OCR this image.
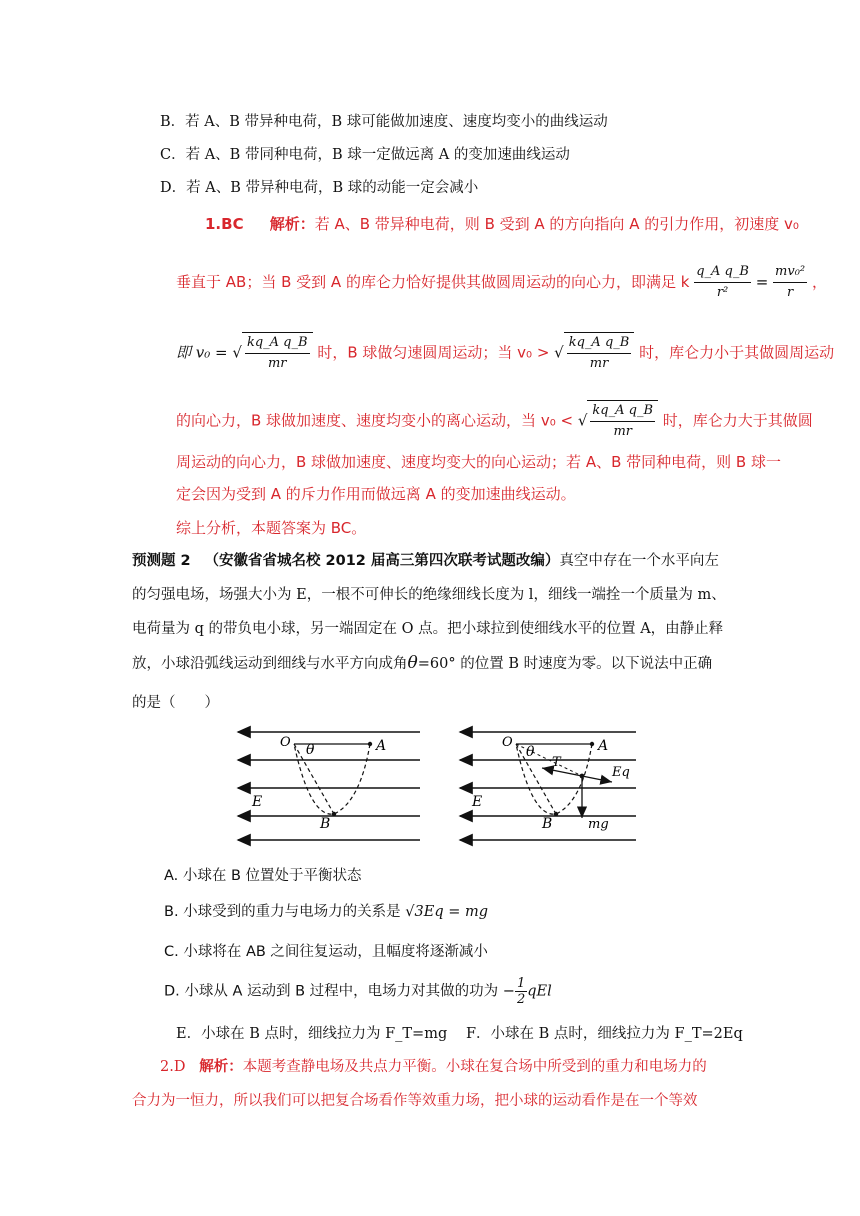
B．若 A、B 带异种电荷，B 球可能做加速度、速度均变小的曲线运动
C．若 A、B 带同种电荷，B 球一定做远离 A 的变加速曲线运动
D．若 A、B 带异种电荷，B 球的动能一定会减小
1.BC 解析：若 A、B 带异种电荷，则 B 受到 A 的方向指向 A 的引力作用，初速度 v₀
垂直于 AB；当 B 受到 A 的库仑力恰好提供其做圆周运动的向心力，即满足 k $\frac{\text{q\_A q\_B}}{\text{r²}} = \frac{\text{mv₀²}}{r}$ ，
即 v₀ = √ $\frac{\text{kq\_A q\_B}}{mr}$ 时，B 球做匀速圆周运动；当 v₀ > √ $\frac{\text{kq\_A q\_B}}{mr}$ 时，库仑力小于其做圆周运动
的向心力，B 球做加速度、速度均变小的离心运动，当 v₀ < √ $\frac{\text{kq\_A q\_B}}{mr}$ 时，库仑力大于其做圆
周运动的向心力，B 球做加速度、速度均变大的向心运动；若 A、B 带同种电荷，则 B 球一
定会因为受到 A 的斥力作用而做远离 A 的变加速曲线运动。
综上分析，本题答案为 BC。
预测题 2 （安徽省省城名校 2012 届高三第四次联考试题改编）真空中存在一个水平向左
的匀强电场，场强大小为 E，一根不可伸长的绝缘细线长度为 l，细线一端拴一个质量为 m、
电荷量为 q 的带负电小球，另一端固定在 O 点。把小球拉到使细线水平的位置 A，由静止释
放，小球沿弧线运动到细线与水平方向成角θ=60° 的位置 B 时速度为零。以下说法中正确
的是（　　）
O θ	A
E
B
O
θ	A
T
Eq
E
B	mg
A. 小球在 B 位置处于平衡状态
B. 小球受到的重力与电场力的关系是 √3Eq = mg
C. 小球将在 AB 之间往复运动，且幅度将逐渐减小
D. 小球从 A 运动到 B 过程中，电场力对其做的功为 − $\frac{1}{2}$ qEl
E．小球在 B 点时，细线拉力为 F_T=mg F．小球在 B 点时，细线拉力为 F_T=2Eq
2.D 解析：本题考查静电场及共点力平衡。小球在复合场中所受到的重力和电场力的
合力为一恒力，所以我们可以把复合场看作等效重力场，把小球的运动看作是在一个等效
